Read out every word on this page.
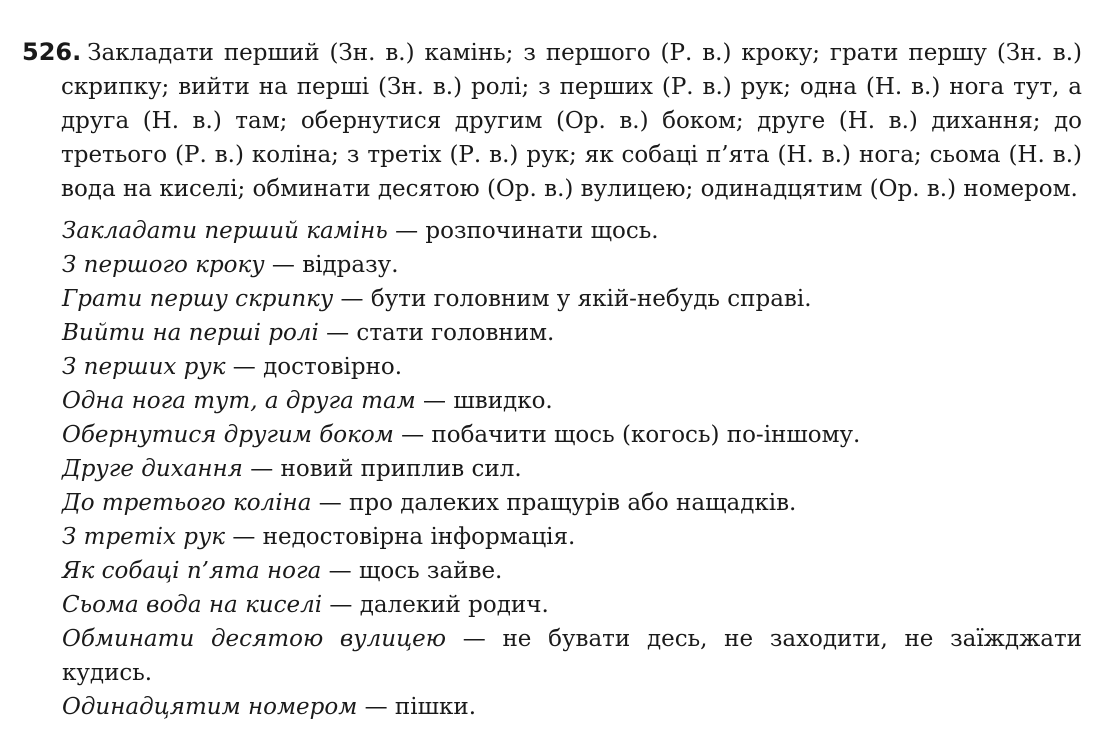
526. Закладати перший (Зн. в.) камінь; з першого (Р. в.) кроку; грати першу (Зн. в.) скрипку; вийти на перші (Зн. в.) ролі; з перших (Р. в.) рук; одна (Н. в.) нога тут, а друга (Н. в.) там; обернутися другим (Ор. в.) боком; друге (Н. в.) дихання; до третього (Р. в.) коліна; з третіх (Р. в.) рук; як собаці п’ята (Н. в.) нога; сьома (Н. в.) вода на киселі; обминати десятою (Ор. в.) вулицею; одинадцятим (Ор. в.) номером.

Закладати перший камінь — розпочинати щось.
З першого кроку — відразу.
Грати першу скрипку — бути головним у якій-небудь справі.
Вийти на перші ролі — стати головним.
З перших рук — достовірно.
Одна нога тут, а друга там — швидко.
Обернутися другим боком — побачити щось (когось) по-іншому.
Друге дихання — новий приплив сил.
До третього коліна — про далеких пращурів або нащадків.
З третіх рук — недостовірна інформація.
Як собаці п’ята нога — щось зайве.
Сьома вода на киселі — далекий родич.
Обминати десятою вулицею — не бувати десь, не заходити, не заїжджати кудись.
Одинадцятим номером — пішки.
